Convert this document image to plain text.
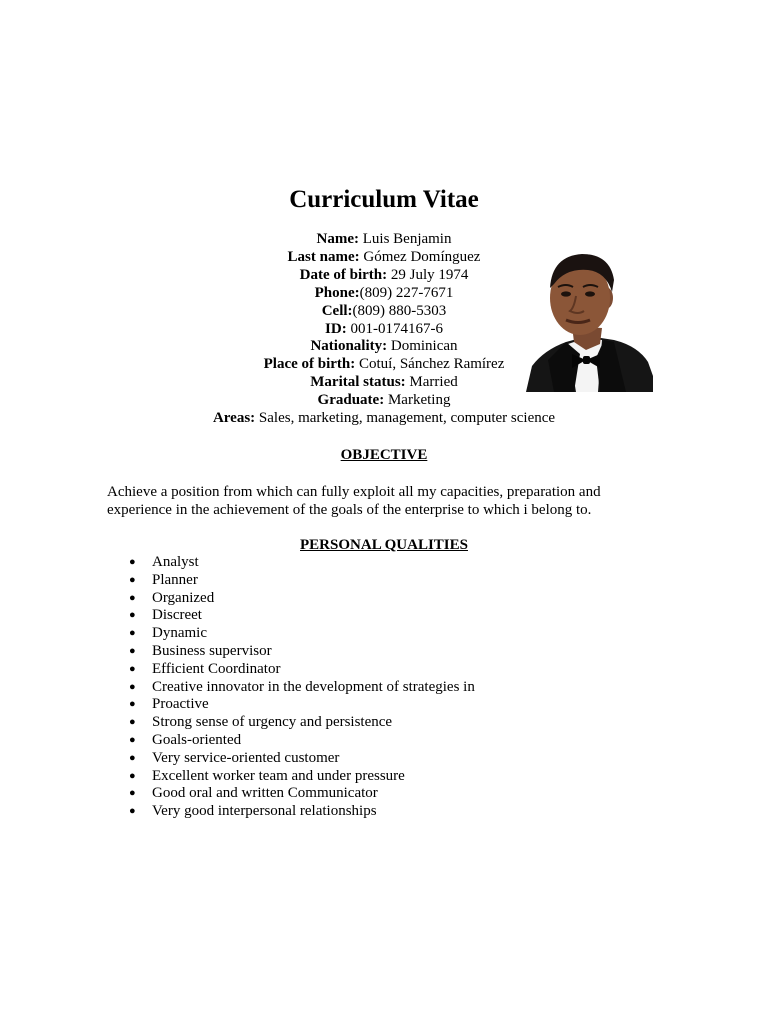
Curriculum Vitae
Name: Luis Benjamin
Last name: Gómez Domínguez
Date of birth: 29 July 1974
Phone:(809) 227-7671
Cell:(809) 880-5303
ID: 001-0174167-6
Nationality: Dominican
Place of birth: Cotuí, Sánchez Ramírez
Marital status: Married
Graduate: Marketing
Areas: Sales, marketing, management, computer science
OBJECTIVE
Achieve a position from which can fully exploit all my capacities, preparation and
experience in the achievement of the goals of the enterprise to which i belong to.
PERSONAL QUALITIES
● Analyst
● Planner
● Organized
● Discreet
● Dynamic
● Business supervisor
● Efficient Coordinator
● Creative innovator in the development of strategies in
● Proactive
● Strong sense of urgency and persistence
● Goals-oriented
● Very service-oriented customer
● Excellent worker team and under pressure
● Good oral and written Communicator
● Very good interpersonal relationships
